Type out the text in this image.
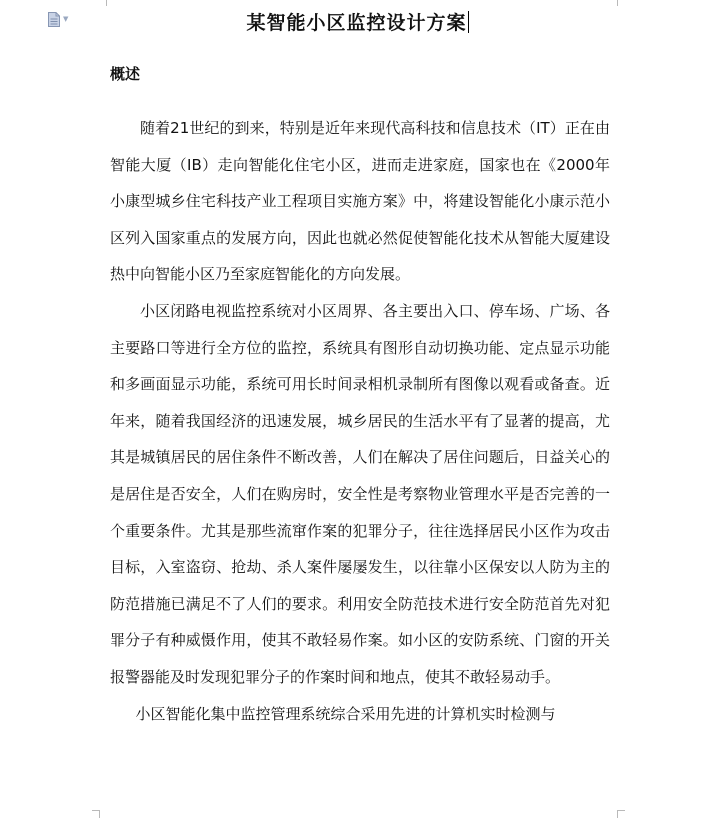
▼	某智能小区监控设计方案
概述

随着21世纪的到来，特别是近年来现代高科技和信息技术（IT）正在由智能大厦（IB）走向智能化住宅小区，进而走进家庭，国家也在《2000年小康型城乡住宅科技产业工程项目实施方案》中，将建设智能化小康示范小区列入国家重点的发展方向，因此也就必然促使智能化技术从智能大厦建设热中向智能小区乃至家庭智能化的方向发展。

小区闭路电视监控系统对小区周界、各主要出入口、停车场、广场、各主要路口等进行全方位的监控，系统具有图形自动切换功能、定点显示功能和多画面显示功能，系统可用长时间录相机录制所有图像以观看或备查。近年来，随着我国经济的迅速发展，城乡居民的生活水平有了显著的提高，尤其是城镇居民的居住条件不断改善，人们在解决了居住问题后，日益关心的是居住是否安全，人们在购房时，安全性是考察物业管理水平是否完善的一个重要条件。尤其是那些流窜作案的犯罪分子，往往选择居民小区作为攻击目标，入室盗窃、抢劫、杀人案件屡屡发生，以往靠小区保安以人防为主的防范措施已满足不了人们的要求。利用安全防范技术进行安全防范首先对犯罪分子有种威慑作用，使其不敢轻易作案。如小区的安防系统、门窗的开关报警器能及时发现犯罪分子的作案时间和地点，使其不敢轻易动手。

小区智能化集中监控管理系统综合采用先进的计算机实时检测与
